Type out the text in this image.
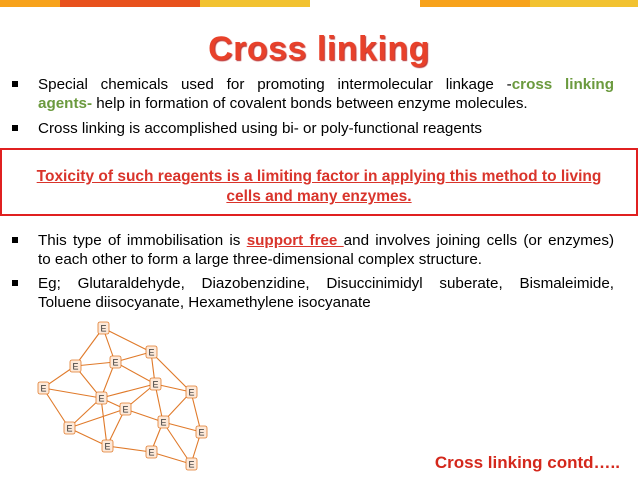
Cross linking
Special chemicals used for promoting intermolecular linkage -cross linking
agents- help in formation of covalent bonds between enzyme molecules.
Cross linking is accomplished using bi- or poly-functional reagents
Toxicity of such reagents is a limiting factor in applying this method to living
cells and many enzymes.
This type of immobilisation is support free and involves joining cells (or enzymes)
to each other to form a large three-dimensional complex structure.
Eg; Glutaraldehyde, Diazobenzidine, Disuccinimidyl suberate, Bismaleimide,
Toluene diisocyanate, Hexamethylene isocyanate
E
E
E
E
E
E
E
E
E
E
E	E
E
E
E	Cross linking contd…..
